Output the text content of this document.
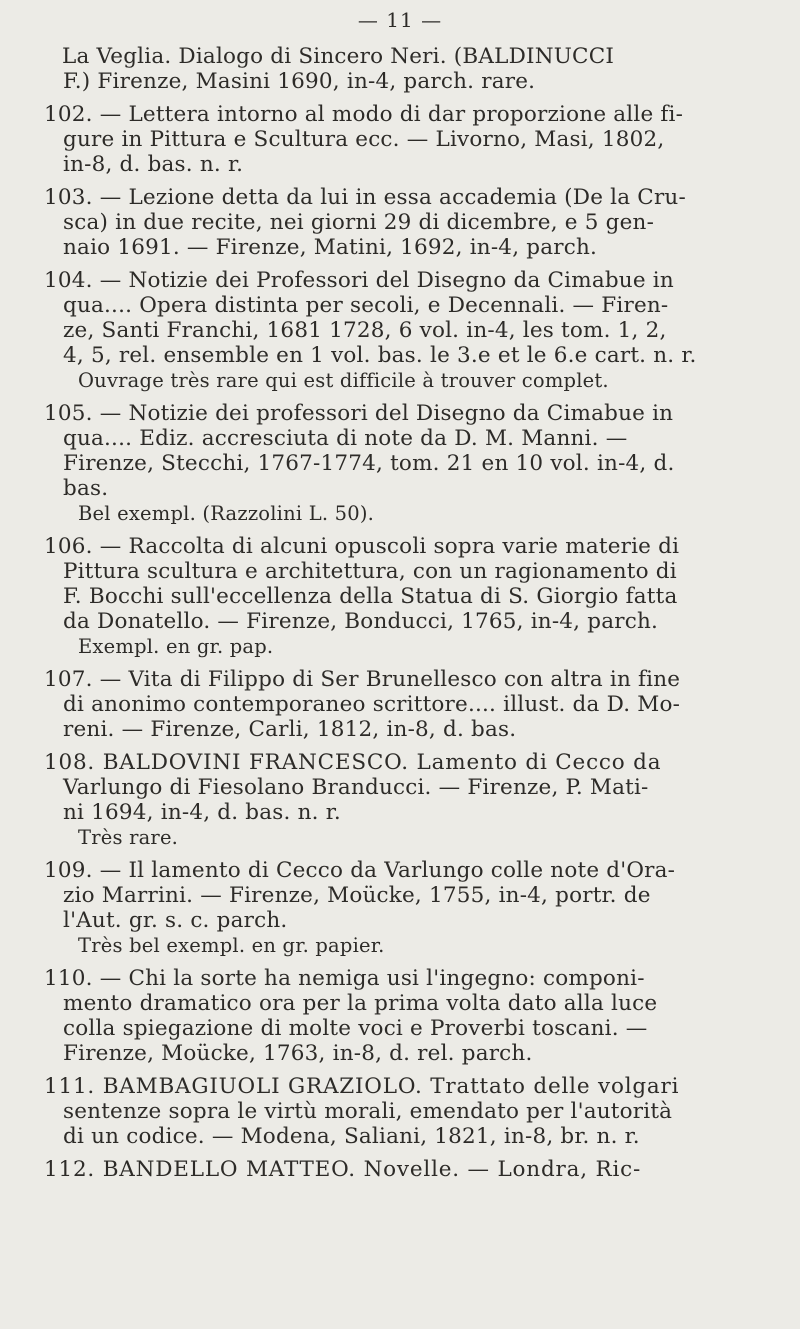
— 11 —
La Veglia. Dialogo di Sincero Neri. (BALDINUCCI
F.) Firenze, Masini 1690, in-4, parch. rare.
102. — Lettera intorno al modo di dar proporzione alle fi-
gure in Pittura e Scultura ecc. — Livorno, Masi, 1802,
in-8, d. bas. n. r.
103. — Lezione detta da lui in essa accademia (De la Cru-
sca) in due recite, nei giorni 29 di dicembre, e 5 gen-
naio 1691. — Firenze, Matini, 1692, in-4, parch.
104. — Notizie dei Professori del Disegno da Cimabue in
qua.... Opera distinta per secoli, e Decennali. — Firen-
ze, Santi Franchi, 1681 1728, 6 vol. in-4, les tom. 1, 2,
4, 5, rel. ensemble en 1 vol. bas. le 3.e et le 6.e cart. n. r.
Ouvrage très rare qui est difficile à trouver complet.
105. — Notizie dei professori del Disegno da Cimabue in
qua.... Ediz. accresciuta di note da D. M. Manni. —
Firenze, Stecchi, 1767-1774, tom. 21 en 10 vol. in-4, d.
bas.
Bel exempl. (Razzolini L. 50).
106. — Raccolta di alcuni opuscoli sopra varie materie di
Pittura scultura e architettura, con un ragionamento di
F. Bocchi sull'eccellenza della Statua di S. Giorgio fatta
da Donatello. — Firenze, Bonducci, 1765, in-4, parch.
Exempl. en gr. pap.
107. — Vita di Filippo di Ser Brunellesco con altra in fine
di anonimo contemporaneo scrittore.... illust. da D. Mo-
reni. — Firenze, Carli, 1812, in-8, d. bas.
108. BALDOVINI FRANCESCO. Lamento di Cecco da
Varlungo di Fiesolano Branducci. — Firenze, P. Mati-
ni 1694, in-4, d. bas. n. r.
Très rare.
109. — Il lamento di Cecco da Varlungo colle note d'Ora-
zio Marrini. — Firenze, Moücke, 1755, in-4, portr. de
l'Aut. gr. s. c. parch.
Très bel exempl. en gr. papier.
110. — Chi la sorte ha nemiga usi l'ingegno: componi-
mento dramatico ora per la prima volta dato alla luce
colla spiegazione di molte voci e Proverbi toscani. —
Firenze, Moücke, 1763, in-8, d. rel. parch.
111. BAMBAGIUOLI GRAZIOLO. Trattato delle volgari
sentenze sopra le virtù morali, emendato per l'autorità
di un codice. — Modena, Saliani, 1821, in-8, br. n. r.
112. BANDELLO MATTEO. Novelle. — Londra, Ric-
